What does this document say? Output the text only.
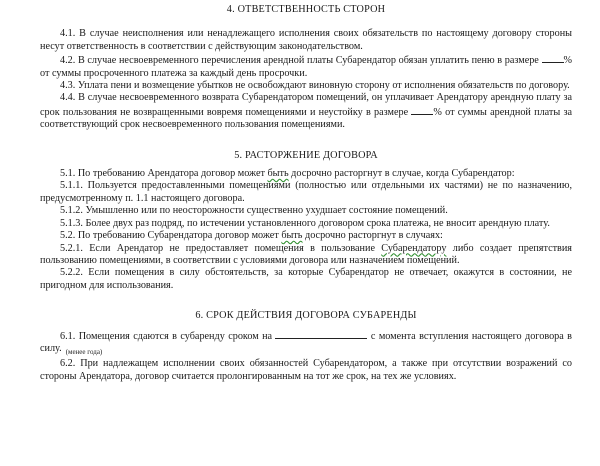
4. ОТВЕТСТВЕННОСТЬ СТОРОН

4.1. В случае неисполнения или ненадлежащего исполнения своих обязательств по настоящему договору стороны несут ответственность в соответствии с действующим законодательством.

4.2. В случае несвоевременного перечисления арендной платы Субарендатор обязан уплатить пеню в размере % от суммы просроченного платежа за каждый день просрочки.

4.3. Уплата пени и возмещение убытков не освобождают виновную сторону от исполнения обязательств по договору.

4.4. В случае несвоевременного возврата Субарендатором помещений, он уплачивает Арендатору арендную плату за срок пользования не возвращенными вовремя помещениями и неустойку в размере % от суммы арендной платы за соответствующий срок несвоевременного пользования помещениями.

5. РАСТОРЖЕНИЕ ДОГОВОРА

5.1. По требованию Арендатора договор может быть досрочно расторгнут в случае, когда Субарендатор:

5.1.1. Пользуется предоставленными помещениями (полностью или отдельными их частями) не по назначению, предусмотренному п. 1.1 настоящего договора.

5.1.2. Умышленно или по неосторожности существенно ухудшает состояние помещений.

5.1.3. Более двух раз подряд, по истечении установленного договором срока платежа, не вносит арендную плату.

5.2. По требованию Субарендатора договор может быть досрочно расторгнут в случаях:

5.2.1. Если Арендатор не предоставляет помещения в пользование Субарендатору либо создает препятствия пользованию помещениями, в соответствии с условиями договора или назначением помещений.

5.2.2. Если помещения в силу обстоятельств, за которые Субарендатор не отвечает, окажутся в состоянии, не пригодном для использования.

6. СРОК ДЕЙСТВИЯ ДОГОВОРА СУБАРЕНДЫ

6.1. Помещения сдаются в субаренду сроком на	с момента вступления настоящего договора в силу. $_{(менее года)}$

6.2. При надлежащем исполнении своих обязанностей Субарендатором, а также при отсутствии возражений со стороны Арендатора, договор считается пролонгированным на тот же срок, на тех же условиях.
